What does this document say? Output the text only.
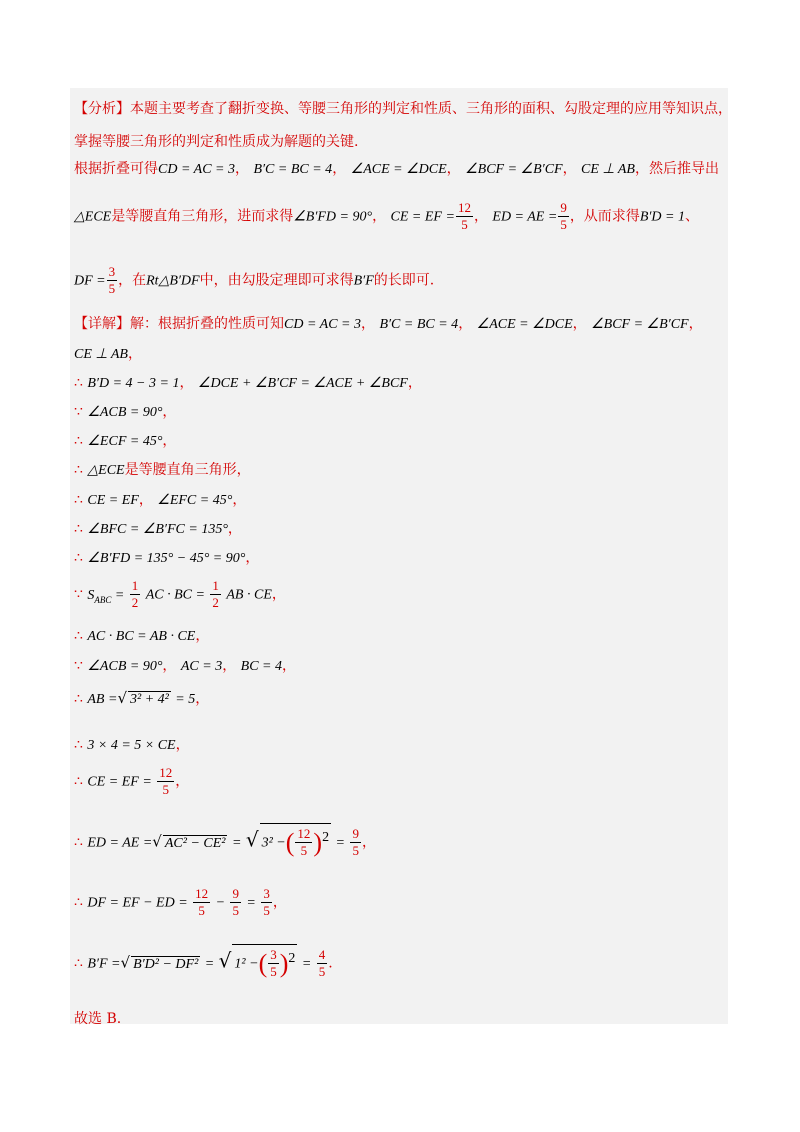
【分析】本题主要考查了翻折变换、等腰三角形的判定和性质、三角形的面积、勾股定理的应用等知识点，
掌握等腰三角形的判定和性质成为解题的关键.
根据折叠可得CD = AC = 3， B′C = BC = 4， ∠ACE = ∠DCE， ∠BCF = ∠B′CF， CE ⊥ AB，然后推导出
△ECE是等腰直角三角形，进而求得∠B′FD = 90°， CE = EF = $\frac{12}{5}$ ， ED = AE = $\frac{9}{5}$ ，从而求得B′D = 1、
DF = $\frac{3}{5}$ ，在Rt△B′DF中，由勾股定理即可求得B′F的长即可.
【详解】解：根据折叠的性质可知CD = AC = 3， B′C = BC = 4， ∠ACE = ∠DCE， ∠BCF = ∠B′CF，
CE ⊥ AB，
∴ B′D = 4 − 3 = 1， ∠DCE + ∠B′CF = ∠ACE + ∠BCF，
∵ ∠ACB = 90°，
∴ ∠ECF = 45°，
∴ △ECE是等腰直角三角形，
∴ CE = EF， ∠EFC = 45°，
∴ ∠BFC = ∠B′FC = 135°，
∴ ∠B′FD = 135° − 45° = 90°，
∵ $S_{ABC} = \frac{1}{2}$ AC · BC = $\frac{1}{2}$ AB · CE，
∴ AC · BC = AB · CE，
∵ ∠ACB = 90°， AC = 3， BC = 4，
∴ AB =√ 3² + 4² = 5，
∴ 3 × 4 = 5 × CE，
∴ CE = EF = $\frac{12}{5}$ ，
∴ ED = AE =√ AC² − CE² = √ 3² −( $\frac{12}{5} )^2 = \frac{9}{5}$ ，
∴ DF = EF − ED = $\frac{12}{5} - \frac{9}{5} = \frac{3}{5}$ ，
∴ B′F =√ B′D² − DF² = √ 1² −( $\frac{3}{5} )^2 = \frac{4}{5}$ .
故选 B.
